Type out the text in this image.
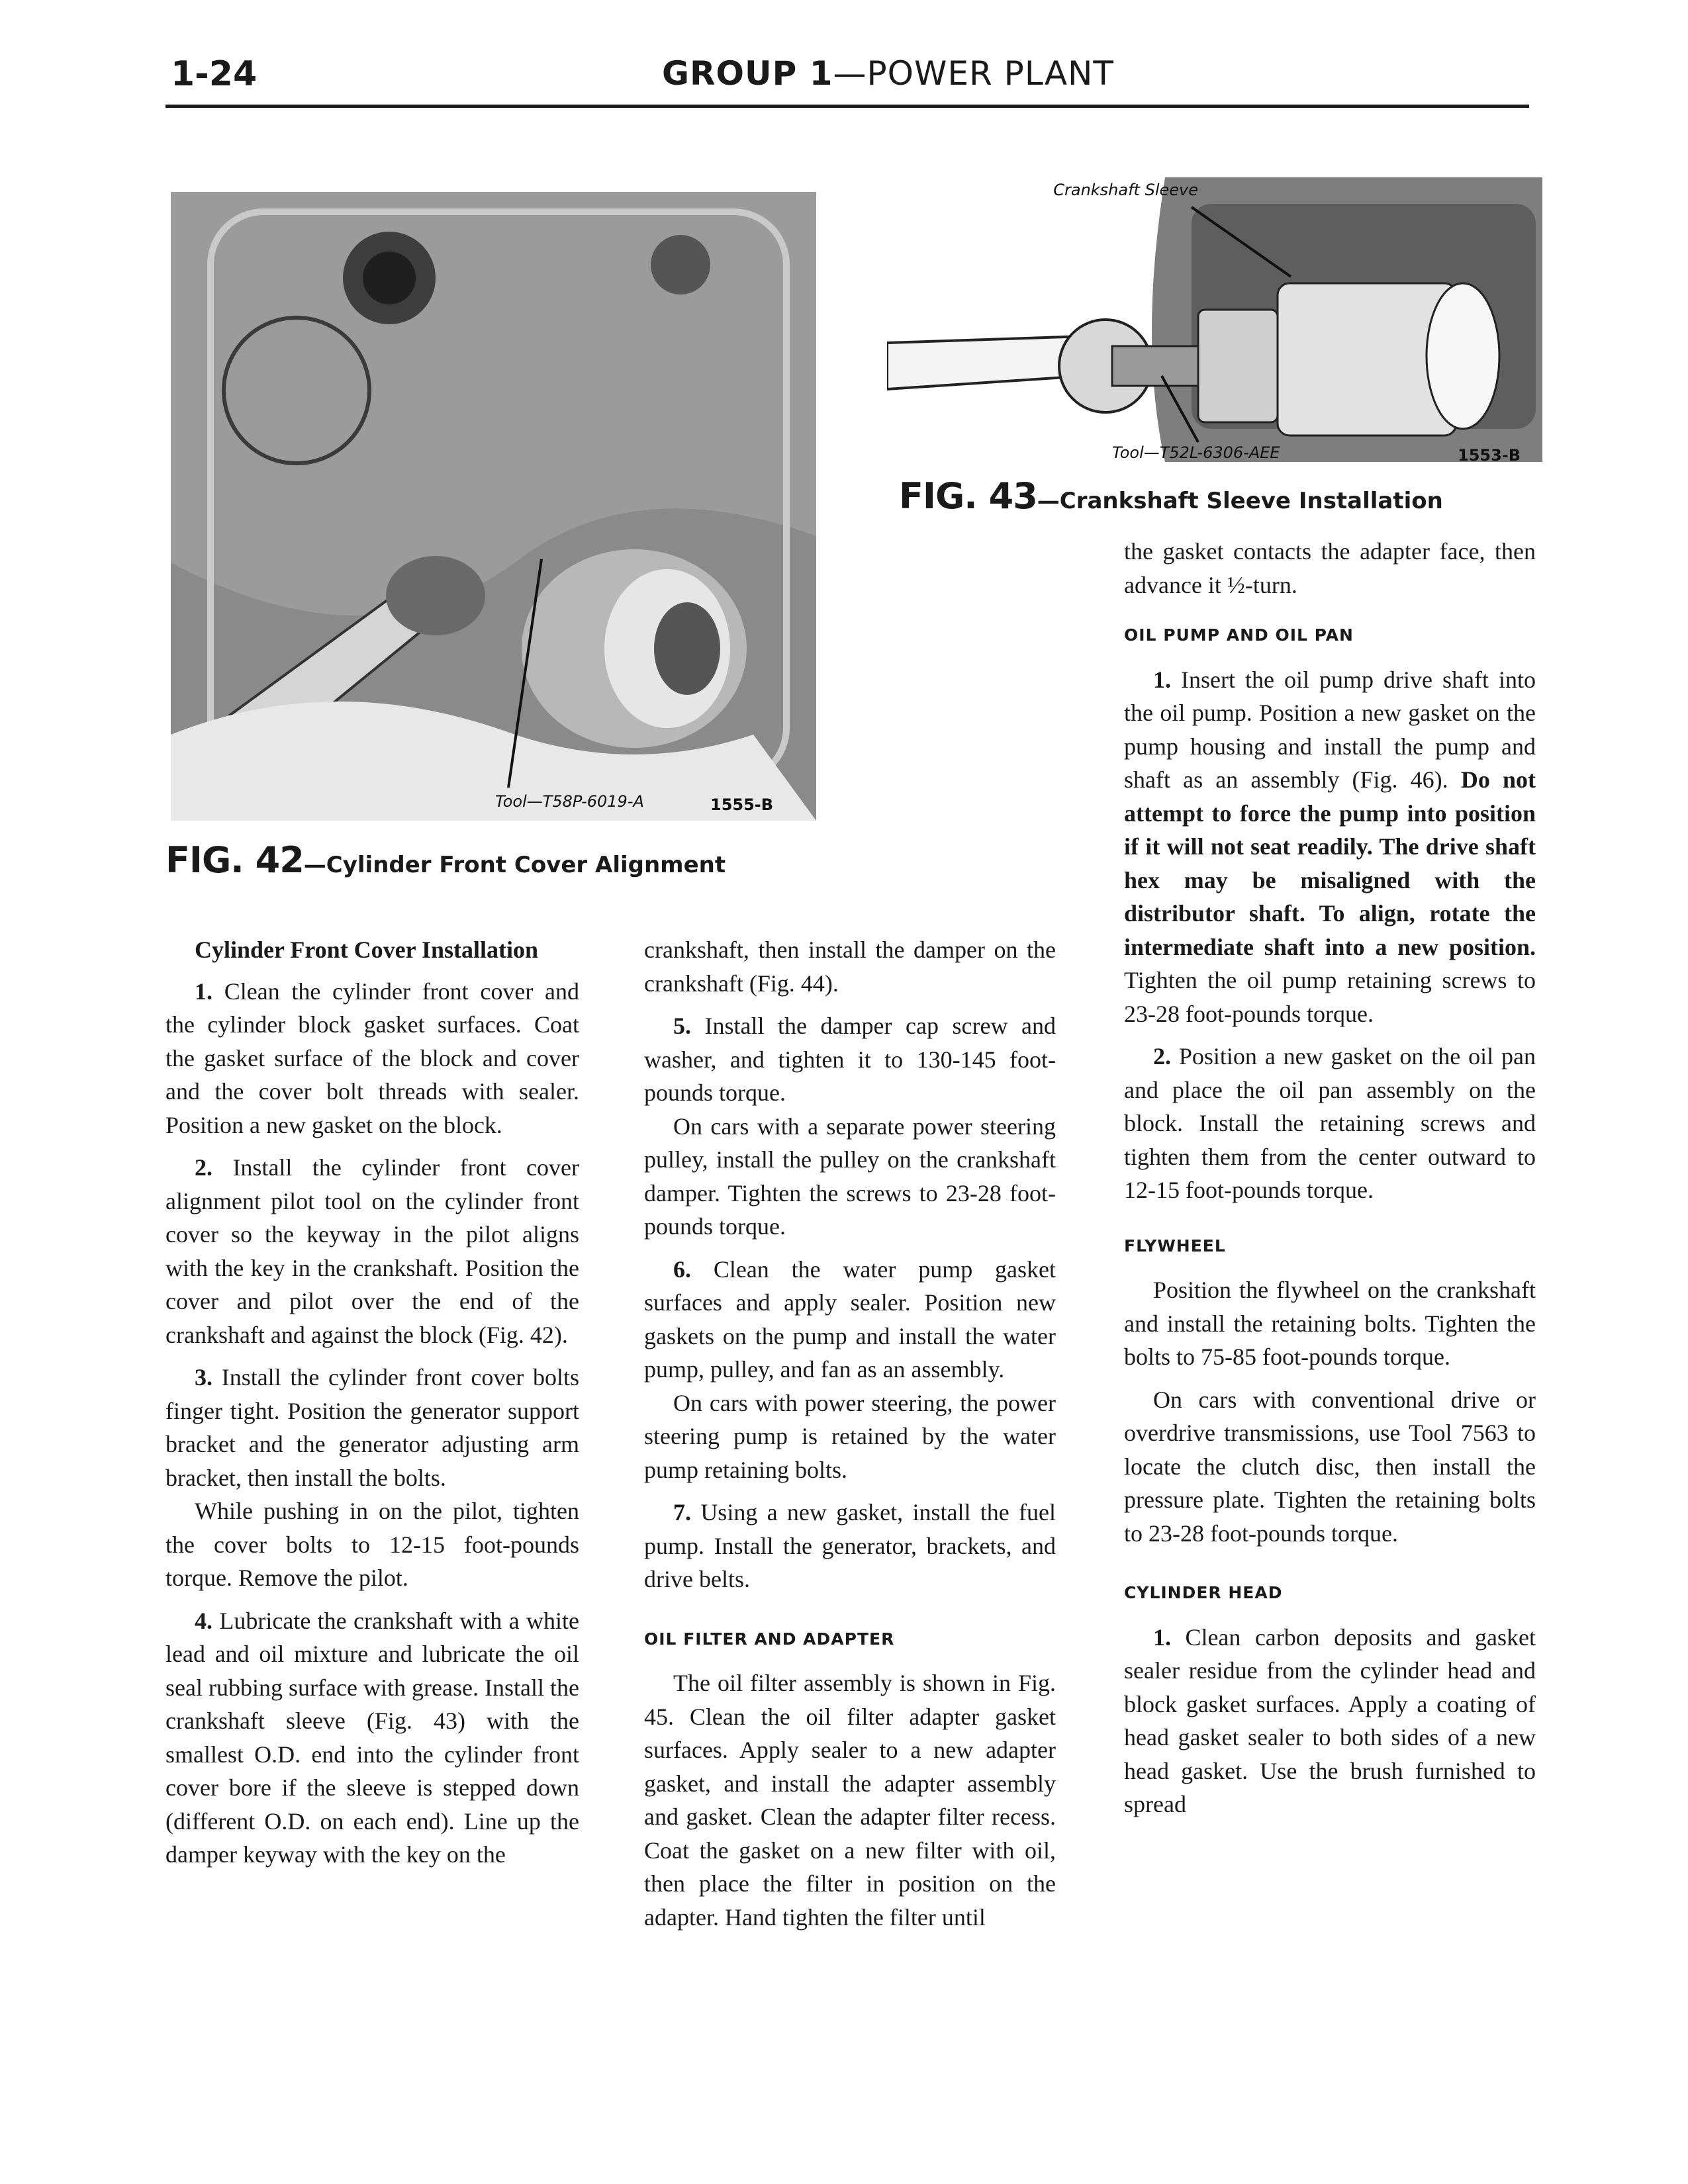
1-24	GROUP 1—POWER PLANT
Tool—T58P-6019-A	1555-B
FIG. 42—Cylinder Front Cover Alignment
Crankshaft Sleeve
Tool—T52L-6306-AEE	1553-B
FIG. 43—Crankshaft Sleeve Installation
Cylinder Front Cover Installation

1. Clean the cylinder front cover and the cylinder block gasket surfaces. Coat the gasket surface of the block and cover and the cover bolt threads with sealer. Position a new gasket on the block.

2. Install the cylinder front cover alignment pilot tool on the cylinder front cover so the keyway in the pilot aligns with the key in the crankshaft. Position the cover and pilot over the end of the crankshaft and against the block (Fig. 42).

3. Install the cylinder front cover bolts finger tight. Position the generator support bracket and the generator adjusting arm bracket, then install the bolts.

While pushing in on the pilot, tighten the cover bolts to 12-15 foot-pounds torque. Remove the pilot.

4. Lubricate the crankshaft with a white lead and oil mixture and lubricate the oil seal rubbing surface with grease. Install the crankshaft sleeve (Fig. 43) with the smallest O.D. end into the cylinder front cover bore if the sleeve is stepped down (different O.D. on each end). Line up the damper keyway with the key on the

crankshaft, then install the damper on the crankshaft (Fig. 44).

5. Install the damper cap screw and washer, and tighten it to 130-145 foot-pounds torque.

On cars with a separate power steering pulley, install the pulley on the crankshaft damper. Tighten the screws to 23-28 foot-pounds torque.

6. Clean the water pump gasket surfaces and apply sealer. Position new gaskets on the pump and install the water pump, pulley, and fan as an assembly.

On cars with power steering, the power steering pump is retained by the water pump retaining bolts.

7. Using a new gasket, install the fuel pump. Install the generator, brackets, and drive belts.

OIL FILTER AND ADAPTER

The oil filter assembly is shown in Fig. 45. Clean the oil filter adapter gasket surfaces. Apply sealer to a new adapter gasket, and install the adapter assembly and gasket. Clean the adapter filter recess. Coat the gasket on a new filter with oil, then place the filter in position on the adapter. Hand tighten the filter until

the gasket contacts the adapter face, then advance it ½-turn.

OIL PUMP AND OIL PAN

1. Insert the oil pump drive shaft into the oil pump. Position a new gasket on the pump housing and install the pump and shaft as an assembly (Fig. 46). Do not attempt to force the pump into position if it will not seat readily. The drive shaft hex may be misaligned with the distributor shaft. To align, rotate the intermediate shaft into a new position. Tighten the oil pump retaining screws to 23-28 foot-pounds torque.

2. Position a new gasket on the oil pan and place the oil pan assembly on the block. Install the retaining screws and tighten them from the center outward to 12-15 foot-pounds torque.

FLYWHEEL

Position the flywheel on the crankshaft and install the retaining bolts. Tighten the bolts to 75-85 foot-pounds torque.

On cars with conventional drive or overdrive transmissions, use Tool 7563 to locate the clutch disc, then install the pressure plate. Tighten the retaining bolts to 23-28 foot-pounds torque.

CYLINDER HEAD

1. Clean carbon deposits and gasket sealer residue from the cylinder head and block gasket surfaces. Apply a coating of head gasket sealer to both sides of a new head gasket. Use the brush furnished to spread
